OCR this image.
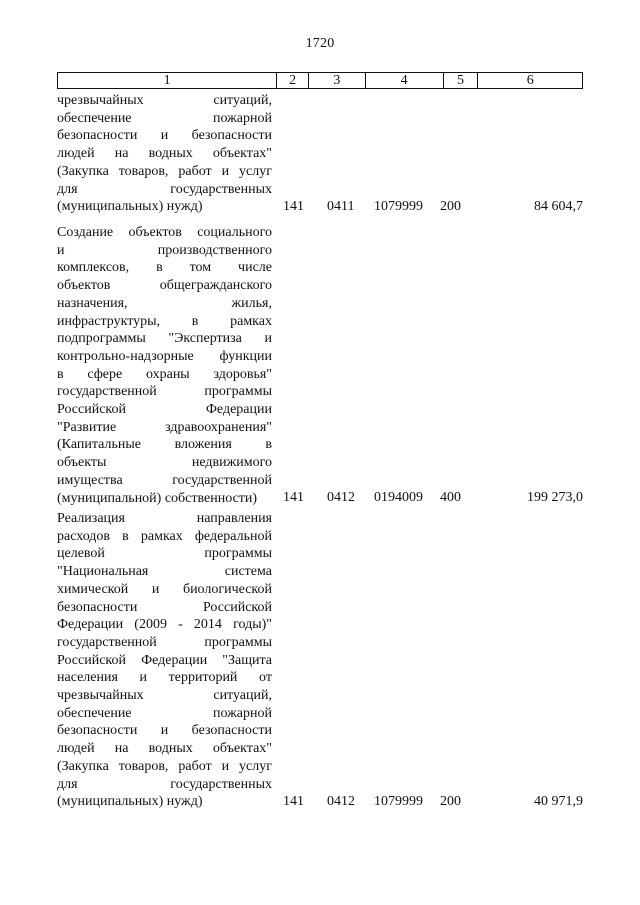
1720
1	2	3	4	5	6
чрезвычайных ситуаций,
обеспечение пожарной
безопасности и безопасности
людей на водных объектах"
(Закупка товаров, работ и услуг
для государственных
(муниципальных) нужд)	141 0411 1079999 200	84 604,7
Создание объектов социального
и производственного
комплексов, в том числе
объектов общегражданского
назначения, жилья,
инфраструктуры, в рамках
подпрограммы "Экспертиза и
контрольно-надзорные функции
в сфере охраны здоровья"
государственной программы
Российской Федерации
"Развитие здравоохранения"
(Капитальные вложения в
объекты недвижимого
имущества государственной
(муниципальной) собственности)	141 0412 0194009 400	199 273,0
Реализация направления
расходов в рамках федеральной
целевой программы
"Национальная система
химической и биологической
безопасности Российской
Федерации (2009 - 2014 годы)"
государственной программы
Российской Федерации "Защита
населения и территорий от
чрезвычайных ситуаций,
обеспечение пожарной
безопасности и безопасности
людей на водных объектах"
(Закупка товаров, работ и услуг
для государственных
(муниципальных) нужд)	141 0412 1079999 200	40 971,9
